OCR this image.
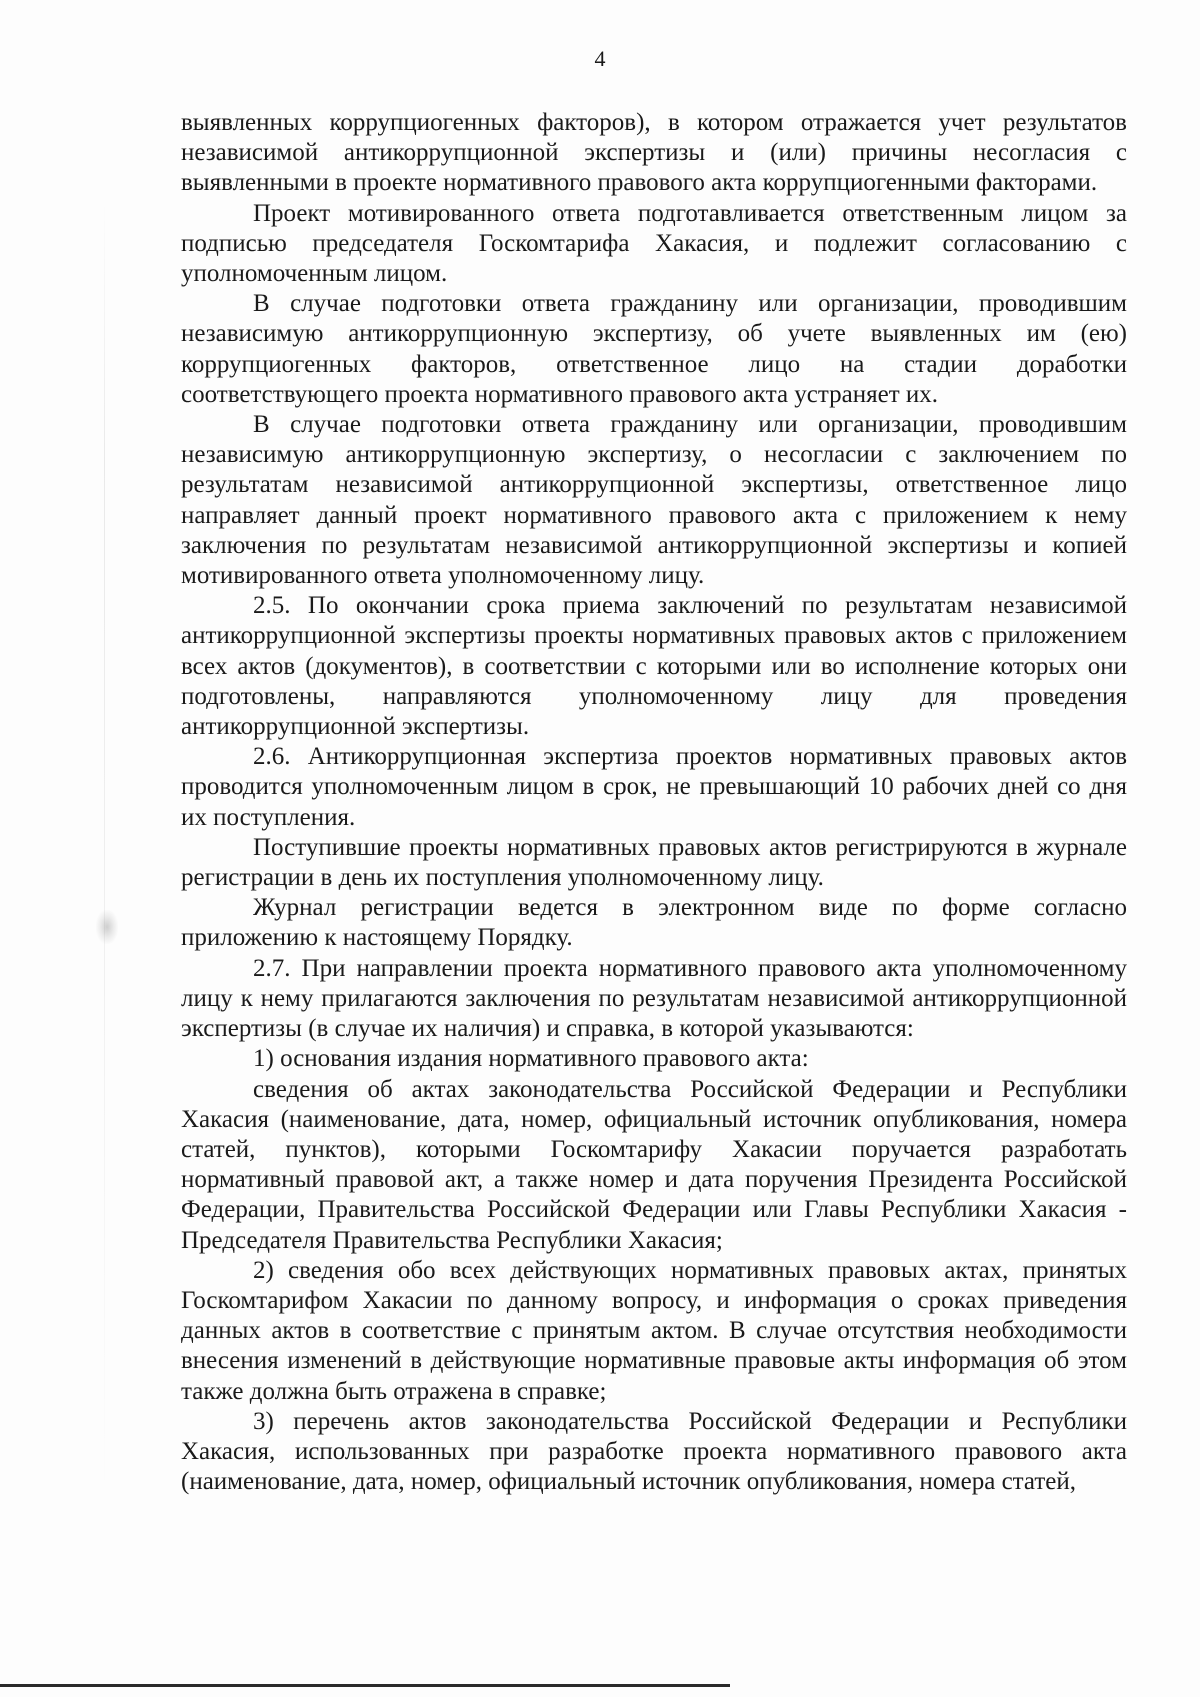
4

выявленных коррупциогенных факторов), в котором отражается учет результатов независимой антикоррупционной экспертизы и (или) причины несогласия с выявленными в проекте нормативного правового акта коррупциогенными факторами.

Проект мотивированного ответа подготавливается ответственным лицом за подписью председателя Госкомтарифа Хакасия, и подлежит согласованию с уполномоченным лицом.

В случае подготовки ответа гражданину или организации, проводившим независимую антикоррупционную экспертизу, об учете выявленных им (ею) коррупциогенных факторов, ответственное лицо на стадии доработки соответствующего проекта нормативного правового акта устраняет их.

В случае подготовки ответа гражданину или организации, проводившим независимую антикоррупционную экспертизу, о несогласии с заключением по результатам независимой антикоррупционной экспертизы, ответственное лицо направляет данный проект нормативного правового акта с приложением к нему заключения по результатам независимой антикоррупционной экспертизы и копией мотивированного ответа уполномоченному лицу.

2.5. По окончании срока приема заключений по результатам независимой антикоррупционной экспертизы проекты нормативных правовых актов с приложением всех актов (документов), в соответствии с которыми или во исполнение которых они подготовлены, направляются уполномоченному лицу для проведения антикоррупционной экспертизы.

2.6. Антикоррупционная экспертиза проектов нормативных правовых актов проводится уполномоченным лицом в срок, не превышающий 10 рабочих дней со дня их поступления.

Поступившие проекты нормативных правовых актов регистрируются в журнале регистрации в день их поступления уполномоченному лицу.

Журнал регистрации ведется в электронном виде по форме согласно приложению к настоящему Порядку.

2.7. При направлении проекта нормативного правового акта уполномоченному лицу к нему прилагаются заключения по результатам независимой антикоррупционной экспертизы (в случае их наличия) и справка, в которой указываются:

1) основания издания нормативного правового акта:

сведения об актах законодательства Российской Федерации и Республики Хакасия (наименование, дата, номер, официальный источник опубликования, номера статей, пунктов), которыми Госкомтарифу Хакасии поручается разработать нормативный правовой акт, а также номер и дата поручения Президента Российской Федерации, Правительства Российской Федерации или Главы Республики Хакасия - Председателя Правительства Республики Хакасия;

2) сведения обо всех действующих нормативных правовых актах, принятых Госкомтарифом Хакасии по данному вопросу, и информация о сроках приведения данных актов в соответствие с принятым актом. В случае отсутствия необходимости внесения изменений в действующие нормативные правовые акты информация об этом также должна быть отражена в справке;

3) перечень актов законодательства Российской Федерации и Республики Хакасия, использованных при разработке проекта нормативного правового акта (наименование, дата, номер, официальный источник опубликования, номера статей,
